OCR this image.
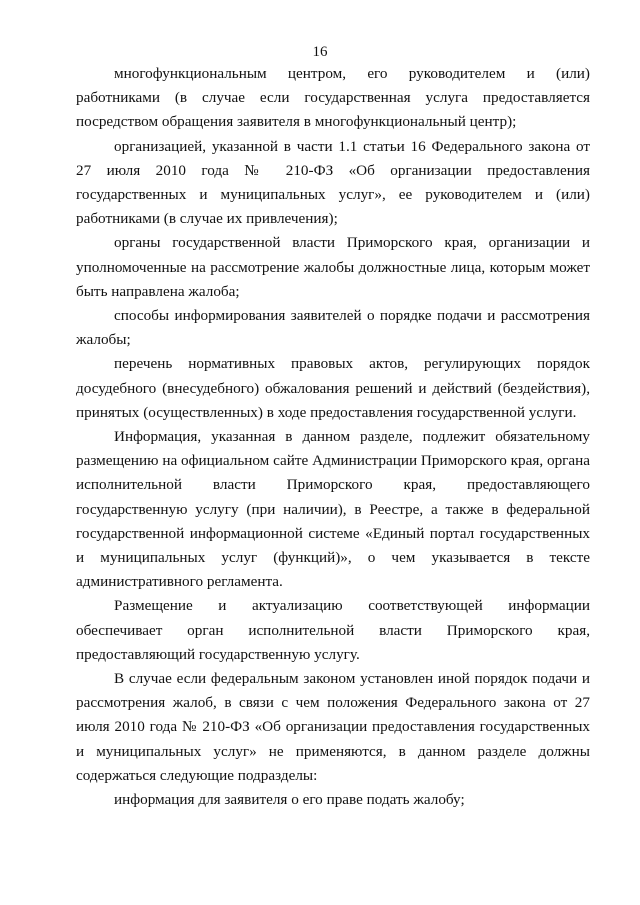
16

многофункциональным центром, его руководителем и (или) работниками (в случае если государственная услуга предоставляется посредством обращения заявителя в многофункциональный центр);

организацией, указанной в части 1.1 статьи 16 Федерального закона от 27 июля 2010 года № 210-ФЗ «Об организации предоставления государственных и муниципальных услуг», ее руководителем и (или) работниками (в случае их привлечения);

органы государственной власти Приморского края, организации и уполномоченные на рассмотрение жалобы должностные лица, которым может быть направлена жалоба;

способы информирования заявителей о порядке подачи и рассмотрения жалобы;

перечень нормативных правовых актов, регулирующих порядок досудебного (внесудебного) обжалования решений и действий (бездействия), принятых (осуществленных) в ходе предоставления государственной услуги.

Информация, указанная в данном разделе, подлежит обязательному размещению на официальном сайте Администрации Приморского края, органа исполнительной власти Приморского края, предоставляющего государственную услугу (при наличии), в Реестре, а также в федеральной государственной информационной системе «Единый портал государственных и муниципальных услуг (функций)», о чем указывается в тексте административного регламента.

Размещение и актуализацию соответствующей информации обеспечивает орган исполнительной власти Приморского края, предоставляющий государственную услугу.

В случае если федеральным законом установлен иной порядок подачи и рассмотрения жалоб, в связи с чем положения Федерального закона от 27 июля 2010 года № 210-ФЗ «Об организации предоставления государственных и муниципальных услуг» не применяются, в данном разделе должны содержаться следующие подразделы:

информация для заявителя о его праве подать жалобу;
